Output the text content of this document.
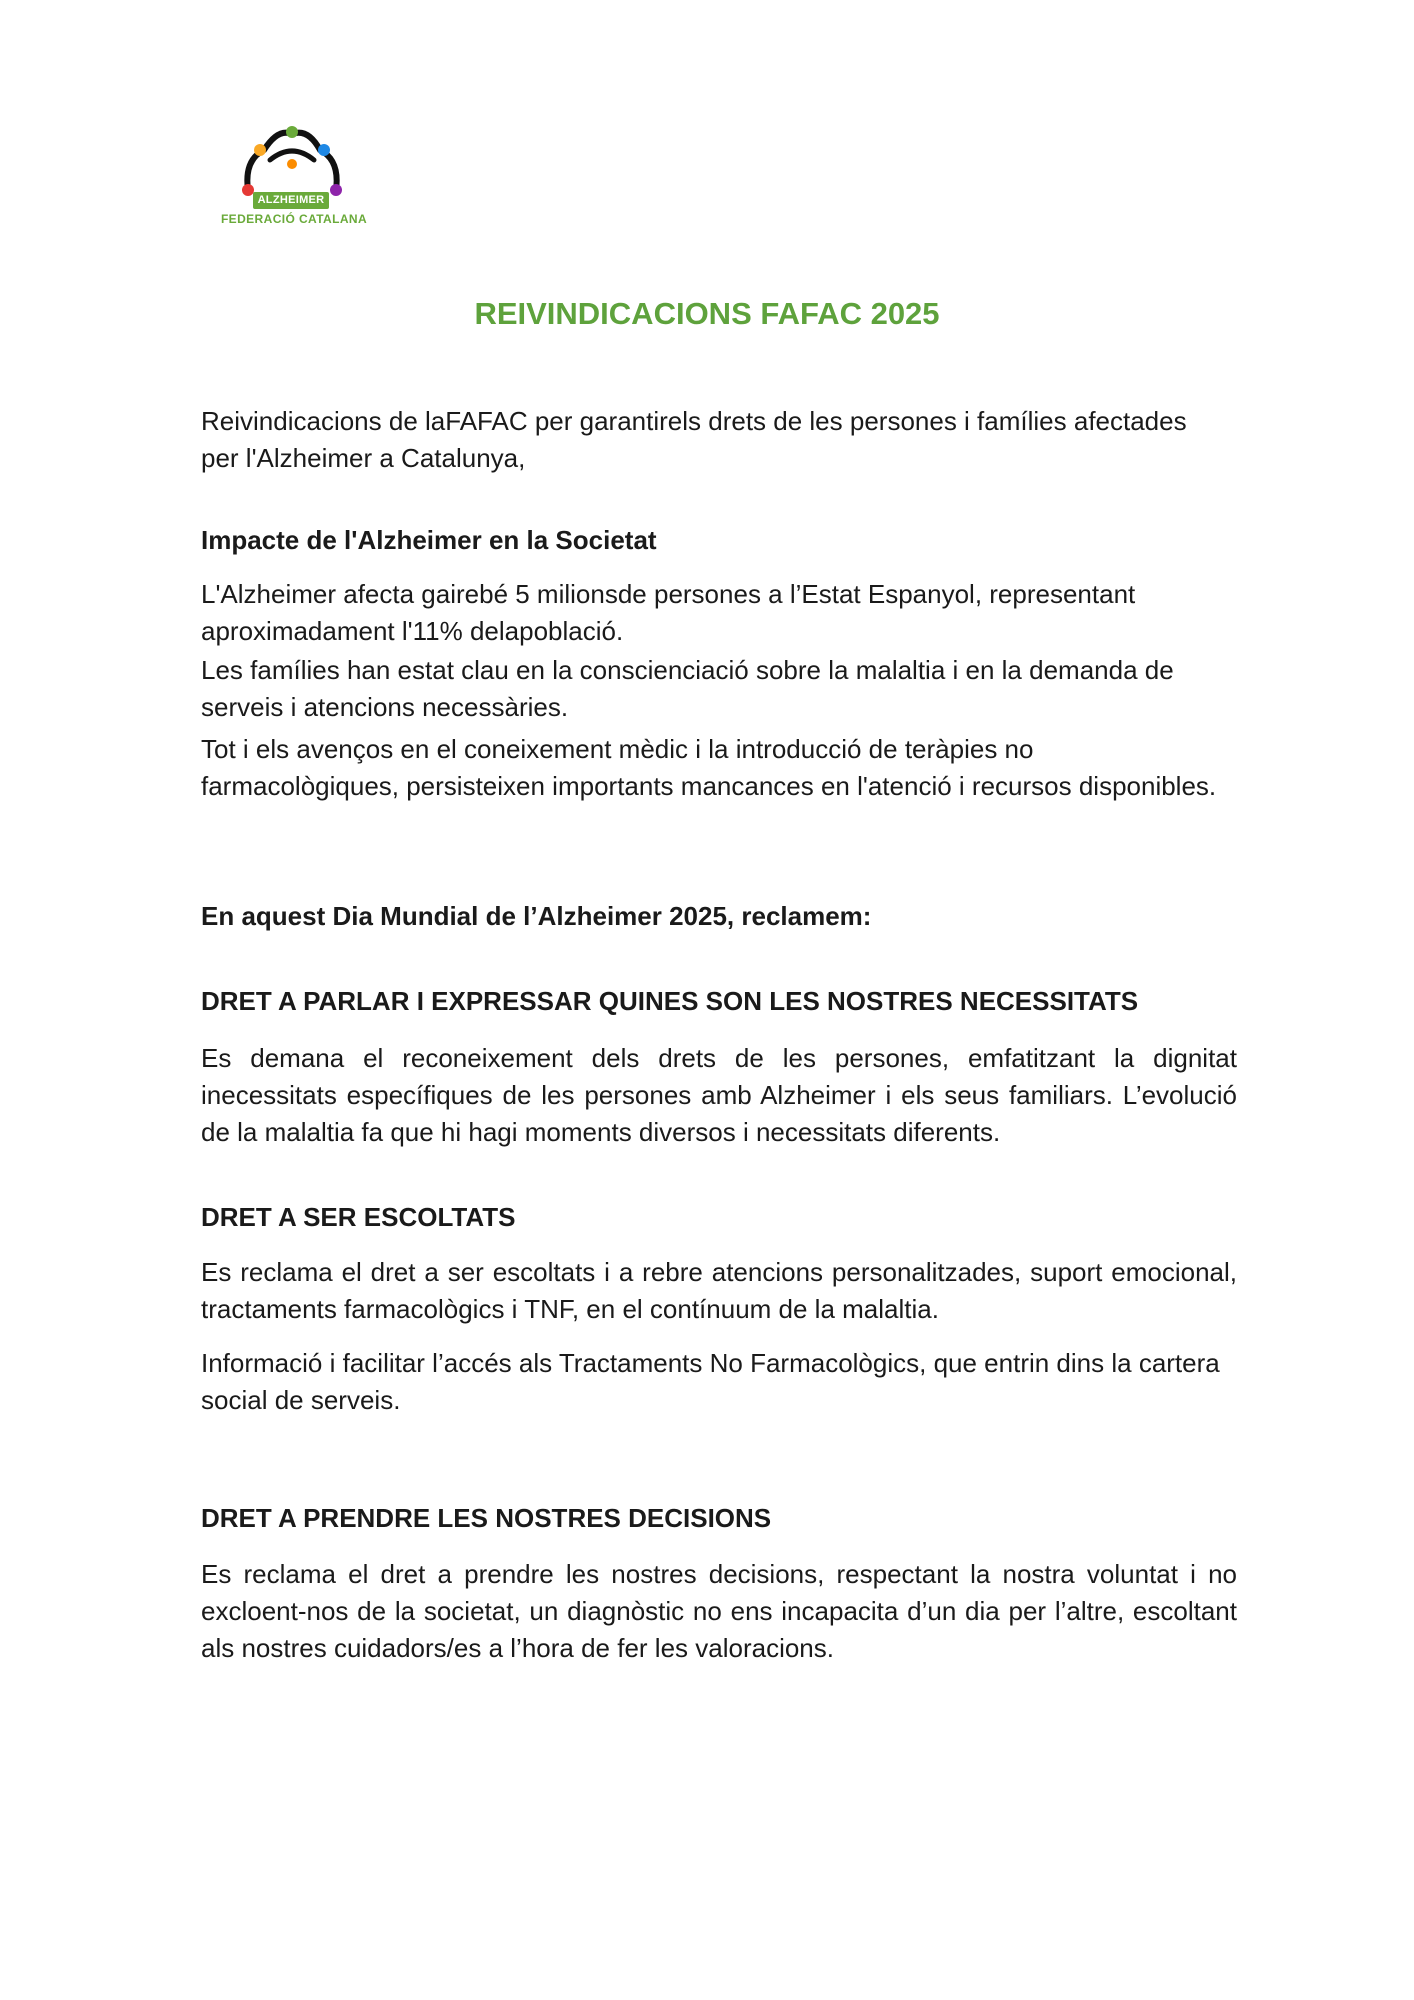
ALZHEIMER
FEDERACIÓ CATALANA
REIVINDICACIONS FAFAC 2025

Reivindicacions de laFAFAC per garantirels drets de les persones i famílies afectades per l'Alzheimer a Catalunya,

Impacte de l'Alzheimer en la Societat

L'Alzheimer afecta gairebé 5 milionsde persones a l’Estat Espanyol, representant aproximadament l'11% delapoblació.

Les famílies han estat clau en la conscienciació sobre la malaltia i en la demanda de serveis i atencions necessàries.

Tot i els avenços en el coneixement mèdic i la introducció de teràpies no farmacològiques, persisteixen importants mancances en l'atenció i recursos disponibles.

En aquest Dia Mundial de l’Alzheimer 2025, reclamem:

DRET A PARLAR I EXPRESSAR QUINES SON LES NOSTRES NECESSITATS

Es demana el reconeixement dels drets de les persones, emfatitzant la dignitat inecessitats específiques de les persones amb Alzheimer i els seus familiars. L’evolució de la malaltia fa que hi hagi moments diversos i necessitats diferents.

DRET A SER ESCOLTATS

Es reclama el dret a ser escoltats i a rebre atencions personalitzades, suport emocional, tractaments farmacològics i TNF, en el contínuum de la malaltia.

Informació i facilitar l’accés als Tractaments No Farmacològics, que entrin dins la cartera social de serveis.

DRET A PRENDRE LES NOSTRES DECISIONS

Es reclama el dret a prendre les nostres decisions, respectant la nostra voluntat i no excloent-nos de la societat, un diagnòstic no ens incapacita d’un dia per l’altre, escoltant als nostres cuidadors/es a l’hora de fer les valoracions.
